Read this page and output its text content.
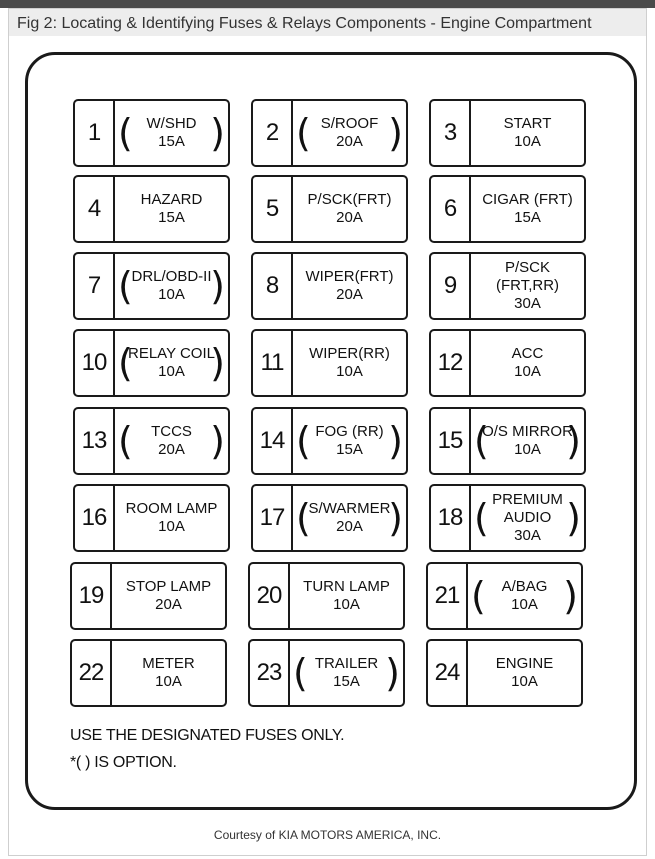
Fig 2: Locating & Identifying Fuses & Relays Components - Engine Compartment
1 ( )
W/SHD
15A	2 ( )
S/ROOF
20A	3	START
10A
4	HAZARD
15A	5	P/SCK(FRT)
20A	6	CIGAR (FRT)
15A
7 ( )
DRL/OBD-II
10A	8	WIPER(FRT)
20A	9
P/SCK
(FRT,RR)
30A
10 ( )
RELAY COIL
10A	11	WIPER(RR)
10A	12	ACC
10A
13 ( )
TCCS
20A	14 ( )
FOG (RR)
15A	15 ( )
O/S MIRROR
10A
16	ROOM LAMP
10A	17 ( )
S/WARMER
20A	18 ( )
PREMIUM
AUDIO
30A
19	STOP LAMP
20A	20	TURN LAMP
10A	21 ( )
A/BAG
10A
22	METER
10A	23 ( )
TRAILER
15A	24	ENGINE
10A
USE THE DESIGNATED FUSES ONLY.
*( ) IS OPTION.
Courtesy of KIA MOTORS AMERICA, INC.
